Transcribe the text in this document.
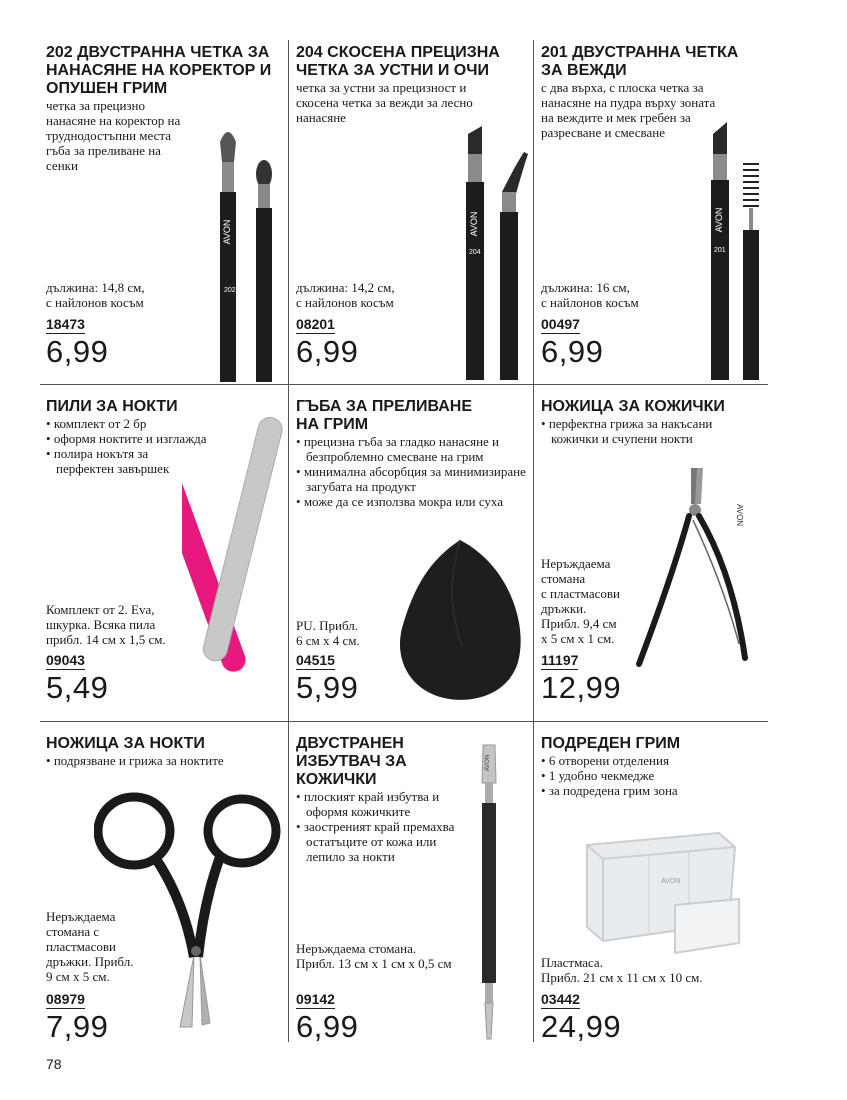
202 ДВУСТРАННА ЧЕТКА ЗА НАНАСЯНЕ НА КОРЕКТОР И ОПУШЕН ГРИМ

четка за прецизно нанасяне на коректор на труднодостъпни места гъба за преливане на сенки

AVON
202
дължина: 14,8 см,
с найлонов косъм
18473
6,99
204 СКОСЕНА ПРЕЦИЗНА ЧЕТКА ЗА УСТНИ И ОЧИ

четка за устни за прецизност и скосена четка за вежди за лесно нанасяне

AVON
204
дължина: 14,2 см,
с найлонов косъм
08201
6,99
201 ДВУСТРАННА ЧЕТКА ЗА ВЕЖДИ

с два върха, с плоска четка за нанасяне на пудра върху зоната на веждите и мек гребен за разресване и смесване

AVON
201
дължина: 16 см,
с найлонов косъм
00497
6,99
ПИЛИ ЗА НОКТИ
• комплект от 2 бр
• оформя ноктите и изглажда
• полира нокътя за перфектен завършек
Комплект от 2. Eva,
шкурка. Всяка пила
прибл. 14 см х 1,5 см.
09043
5,49
ГЪБА ЗА ПРЕЛИВАНЕ НА ГРИМ
• прецизна гъба за гладко нанасяне и безпроблемно смесване на грим
• минимална абсорбция за минимизиране загубата на продукт
• може да се използва мокра или суха
PU. Прибл.
6 см х 4 см.
04515
5,99
НОЖИЦА ЗА КОЖИЧКИ
• перфектна грижа за накъсани кожички и счупени нокти
AVON
Неръждаема
стомана
с пластмасови
дръжки.
Прибл. 9,4 см
х 5 см х 1 см.
11197
12,99
НОЖИЦА ЗА НОКТИ
• подрязване и грижа за ноктите
Неръждаема
стомана с
пластмасови
дръжки. Прибл.
9 см х 5 см.
08979
7,99
ДВУСТРАНЕН ИЗБУТВАЧ ЗА КОЖИЧКИ
• плоският край избутва и оформя кожичките
• заостреният край премахва остатъците от кожа или лепило за нокти
AVON
Неръждаема стомана.
Прибл. 13 см х 1 см х 0,5 см
09142
6,99
ПОДРЕДЕН ГРИМ
• 6 отворени отделения
• 1 удобно чекмедже
• за подредена грим зона
AVON
Пластмаса.
Прибл. 21 см х 11 см х 10 см.
03442
24,99
78
